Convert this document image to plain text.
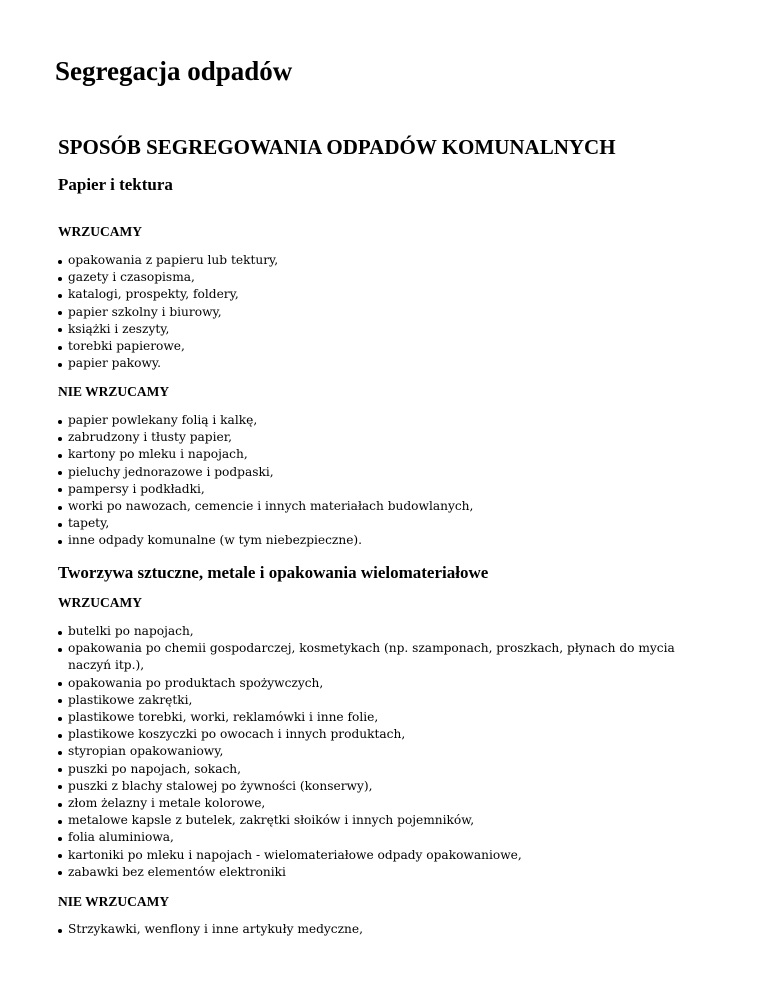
Segregacja odpadów
SPOSÓB SEGREGOWANIA ODPADÓW KOMUNALNYCH
Papier i tektura
WRZUCAMY
opakowania z papieru lub tektury,
gazety i czasopisma,
katalogi, prospekty, foldery,
papier szkolny i biurowy,
książki i zeszyty,
torebki papierowe,
papier pakowy.
NIE WRZUCAMY
papier powlekany folią i kalkę,
zabrudzony i tłusty papier,
kartony po mleku i napojach,
pieluchy jednorazowe i podpaski,
pampersy i podkładki,
worki po nawozach, cemencie i innych materiałach budowlanych,
tapety,
inne odpady komunalne (w tym niebezpieczne).
Tworzywa sztuczne, metale i opakowania wielomateriałowe
WRZUCAMY
butelki po napojach,
opakowania po chemii gospodarczej, kosmetykach (np. szamponach, proszkach, płynach do mycia naczyń itp.),
opakowania po produktach spożywczych,
plastikowe zakrętki,
plastikowe torebki, worki, reklamówki i inne folie,
plastikowe koszyczki po owocach i innych produktach,
styropian opakowaniowy,
puszki po napojach, sokach,
puszki z blachy stalowej po żywności (konserwy),
złom żelazny i metale kolorowe,
metalowe kapsle z butelek, zakrętki słoików i innych pojemników,
folia aluminiowa,
kartoniki po mleku i napojach - wielomateriałowe odpady opakowaniowe,
zabawki bez elementów elektroniki
NIE WRZUCAMY
Strzykawki, wenflony i inne artykuły medyczne,
